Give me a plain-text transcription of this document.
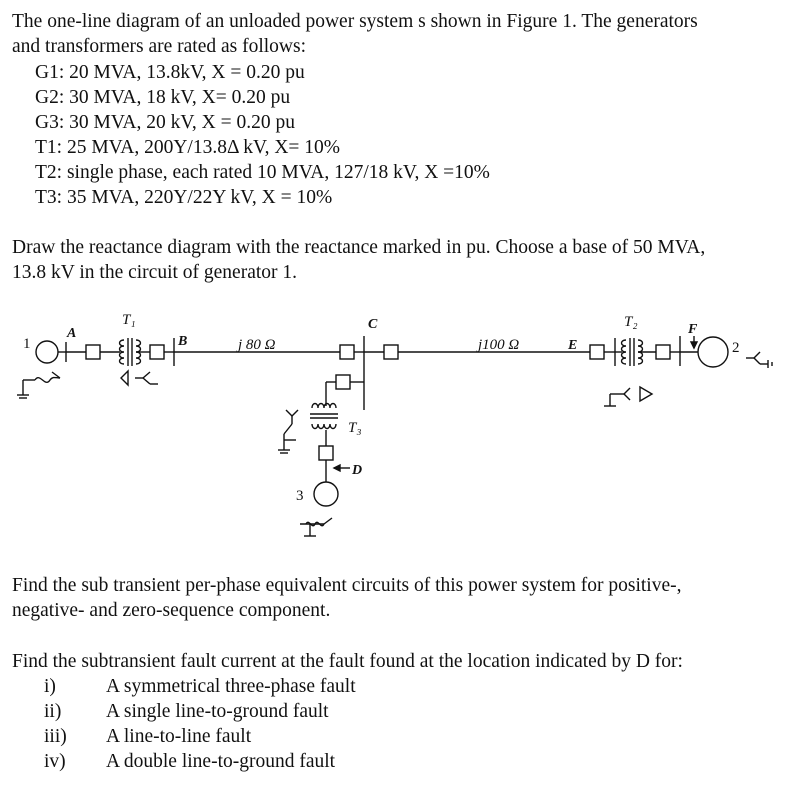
The one-line diagram of an unloaded power system s shown in Figure 1. The generators
and transformers are rated as follows:
G1: 20 MVA, 13.8kV, X = 0.20 pu
G2: 30 MVA, 18 kV, X= 0.20 pu
G3: 30 MVA, 20 kV, X = 0.20 pu
T1: 25 MVA, 200Y/13.8Δ kV, X= 10%
T2: single phase, each rated 10 MVA, 127/18 kV, X =10%
T3: 35 MVA, 220Y/22Y kV, X = 10%
Draw the reactance diagram with the reactance marked in pu. Choose a base of 50 MVA,
13.8 kV in the circuit of generator 1.
1
A
T₁
B	j 80 Ω
C
j100 Ω	E
T₂	F
2
T₃
D
3
Find the sub transient per-phase equivalent circuits of this power system for positive-,
negative- and zero-sequence component.
Find the subtransient fault current at the fault found at the location indicated by D for:
i)	A symmetrical three-phase fault
ii) A single line-to-ground fault
iii) A line-to-line fault
iv) A double line-to-ground fault
